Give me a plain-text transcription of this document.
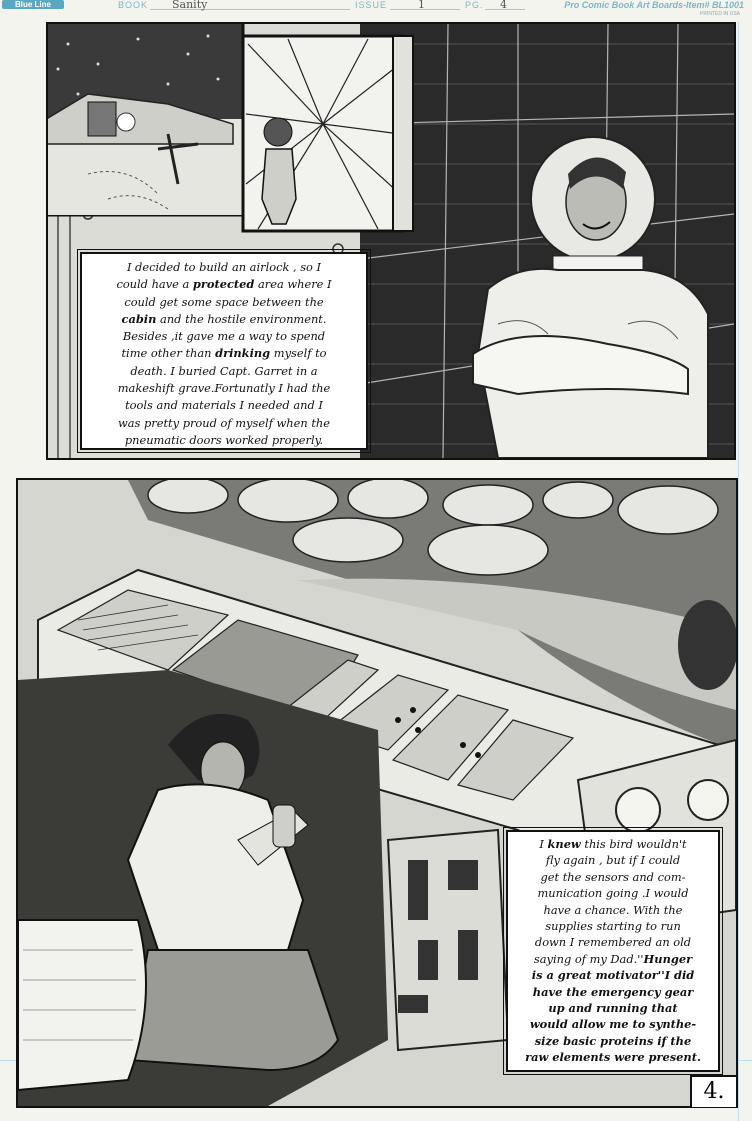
Blue Line	BOOK Sanity	ISSUE	1	PG. 4	Pro Comic Book Art Boards-Item# BL1001
PRINTED IN USA

I decided to build an airlock , so I

could have a protected area where I

could get some space between the

cabin and the hostile environment.

Besides ,it gave me a way to spend

time other than drinking myself to

death. I buried Capt. Garret in a

makeshift grave.Fortunatly I had the

tools and materials I needed and I

was pretty proud of myself when the

pneumatic doors worked properly.

I knew this bird wouldn't

fly again , but if I could

get the sensors and com-

munication going .I would

have a chance. With the

supplies starting to run

down I remembered an old

saying of my Dad.''Hunger

is a great motivator''I did

have the emergency gear

up and running that

would allow me to synthe-

size basic proteins if the

raw elements were present.

4.
